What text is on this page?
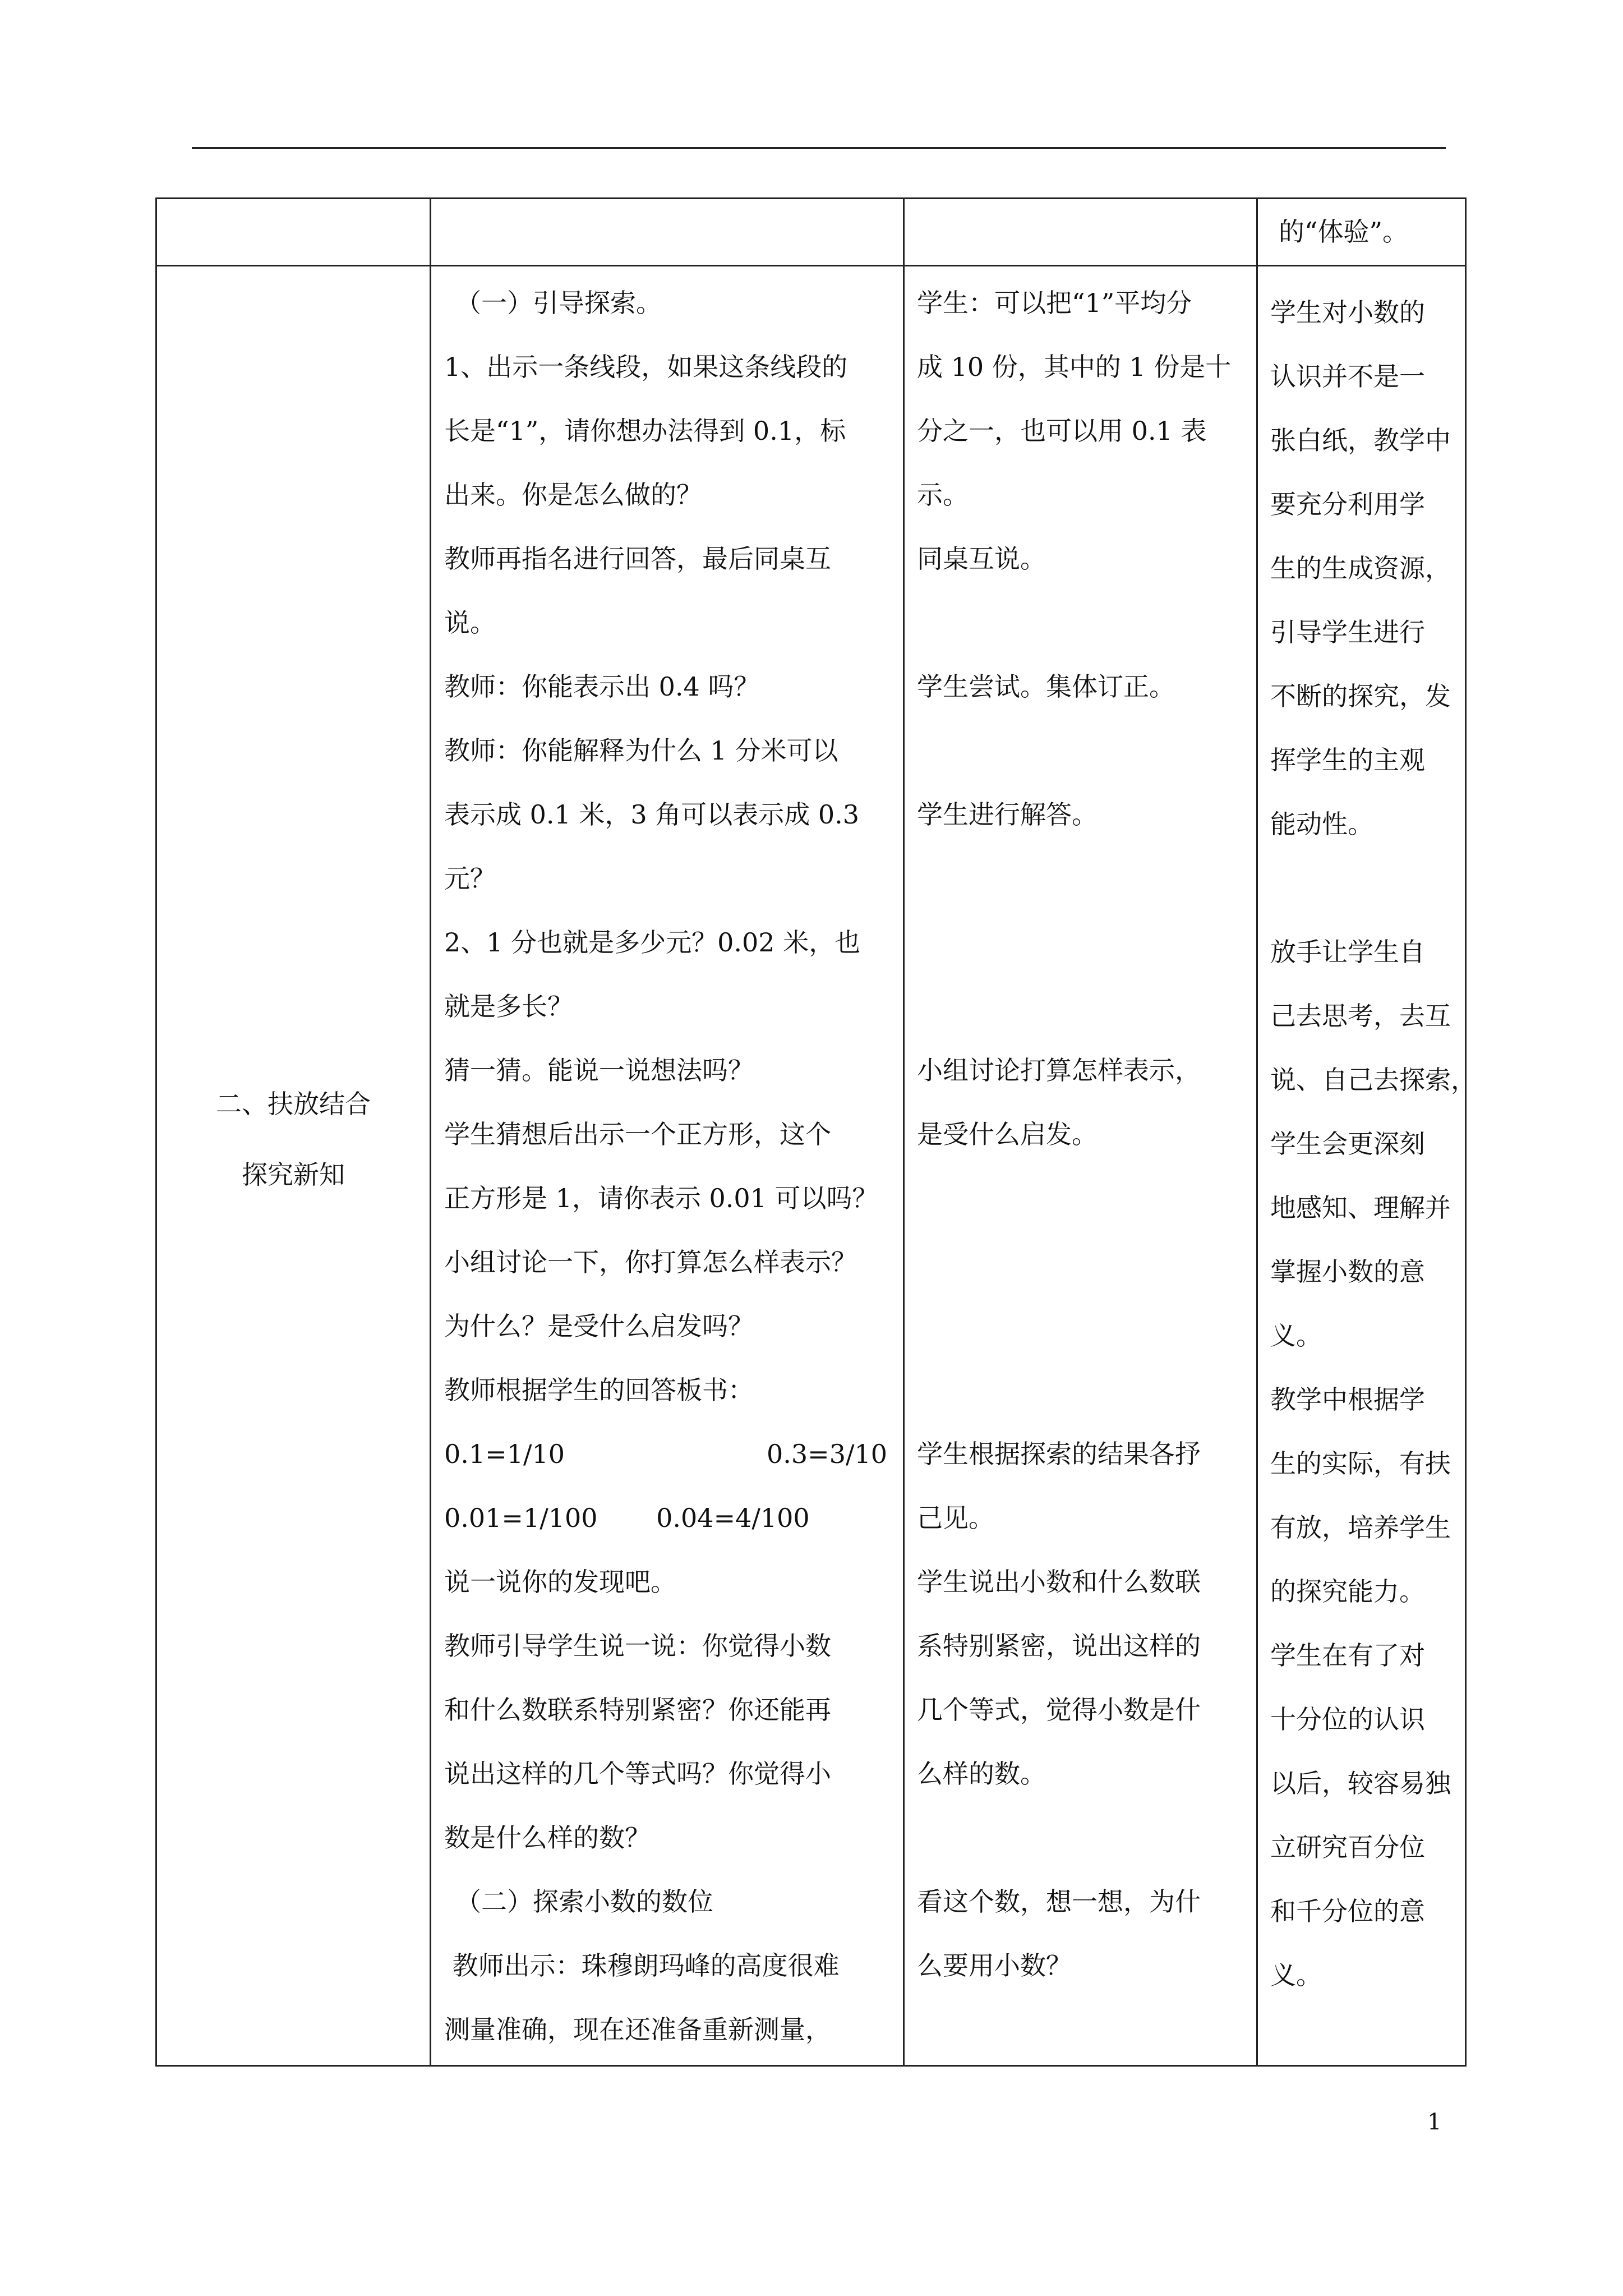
的“体验”。
二、扶放结合
探究新知
（一）引导探索。
1、出示一条线段，如果这条线段的
长是“1”，请你想办法得到 0.1，标
出来。你是怎么做的？
教师再指名进行回答，最后同桌互
说。
教师：你能表示出 0.4 吗？
教师：你能解释为什么 1 分米可以
表示成 0.1 米，3 角可以表示成 0.3
元？
2、1 分也就是多少元？0.02 米，也
就是多长？
猜一猜。能说一说想法吗？
学生猜想后出示一个正方形，这个
正方形是 1，请你表示 0.01 可以吗？
小组讨论一下，你打算怎么样表示？
为什么？是受什么启发吗？
教师根据学生的回答板书：
0.1=1/10	0.3=3/10
0.01=1/100 0.04=4/100
说一说你的发现吧。
教师引导学生说一说：你觉得小数
和什么数联系特别紧密？你还能再
说出这样的几个等式吗？你觉得小
数是什么样的数？
（二）探索小数的数位
教师出示：珠穆朗玛峰的高度很难
测量准确，现在还准备重新测量，
学生：可以把“1”平均分
成 10 份，其中的 1 份是十
分之一，也可以用 0.1 表
示。
同桌互说。
学生尝试。集体订正。
学生进行解答。
小组讨论打算怎样表示，
是受什么启发。
学生根据探索的结果各抒
己见。
学生说出小数和什么数联
系特别紧密，说出这样的
几个等式，觉得小数是什
么样的数。
看这个数，想一想，为什
么要用小数？
学生对小数的
认识并不是一
张白纸，教学中
要充分利用学
生的生成资源，
引导学生进行
不断的探究，发
挥学生的主观
能动性。
放手让学生自
己去思考，去互
说、自己去探索，
学生会更深刻
地感知、理解并
掌握小数的意
义。
教学中根据学
生的实际，有扶
有放，培养学生
的探究能力。
学生在有了对
十分位的认识
以后，较容易独
立研究百分位
和千分位的意
义。
1
